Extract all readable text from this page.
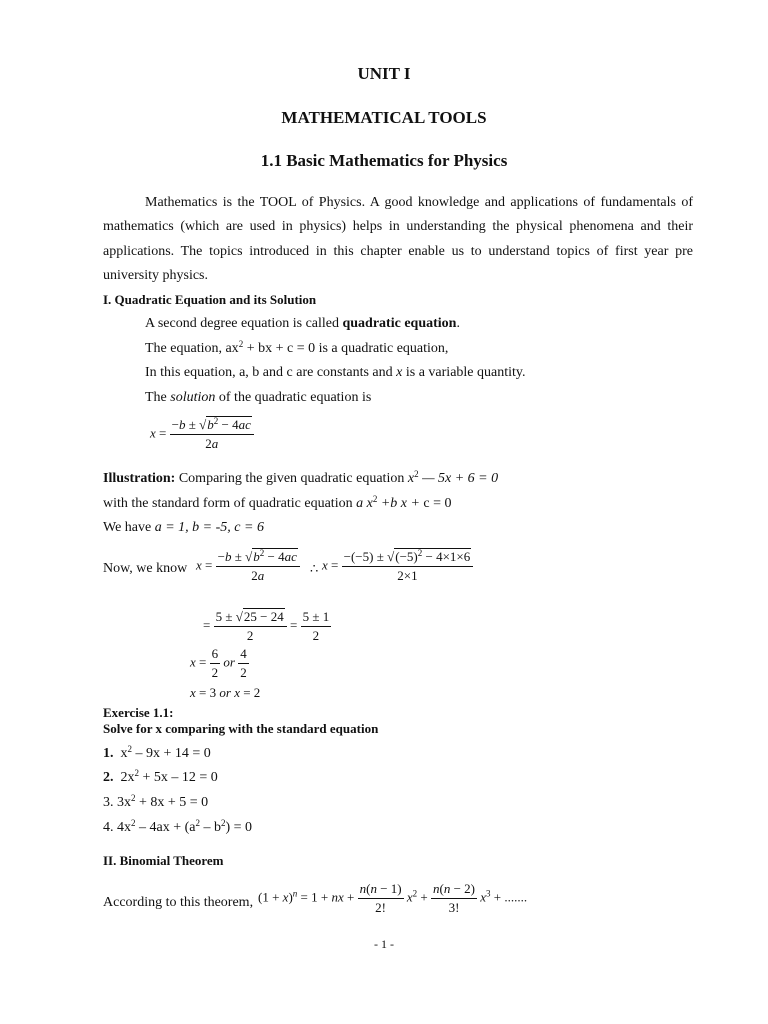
UNIT I
MATHEMATICAL TOOLS
1.1 Basic Mathematics for Physics
Mathematics is the TOOL of Physics. A good knowledge and applications of fundamentals of mathematics (which are used in physics) helps in understanding the physical phenomena and their applications. The topics introduced in this chapter enable us to understand topics of first year pre university physics.
I. Quadratic Equation and its Solution
A second degree equation is called quadratic equation.
The equation, $ax^2$ + bx + c = 0 is a quadratic equation,
In this equation, a, b and c are constants and x is a variable quantity.
The solution of the quadratic equation is
$x = \frac{-b \pm √b^2 - 4ac}{2a}$
Illustration: Comparing the given quadratic equation $x^2$ — 5x + 6 = 0
with the standard form of quadratic equation a $x^2 +b$ x + c = 0
We have a = 1, b = -5, c = 6
Now, we know $x = \frac{-b \pm √b^2 - 4ac}{2a}$ ∴ $x = \frac{-(-5) \pm √(-5)^2 - 4\times 1\times 6}{2\times 1}$
= $\frac{5 \pm √25 - 24}{2} = \frac{5 \pm 1}{2}$
$x = \frac{6}{2}$ or $\frac{4}{2}$
x = 3 or x = 2
Exercise 1.1:
Solve for x comparing with the standard equation
1. $x^2 - 9x + 14 = 0$
2. $2x^2 + 5x - 12 = 0$
3. $3x^2 + 8x + 5 = 0$
4. $4x^2 - 4ax + (a^2 - b^2) = 0$
II. Binomial Theorem
According to this theorem, $(1 + x)^n = 1$ + nx + $\frac{n(n - 1)}{2!} x^2 + \frac{n(n - 2)}{3!} x^3$ + .......
- 1 -
